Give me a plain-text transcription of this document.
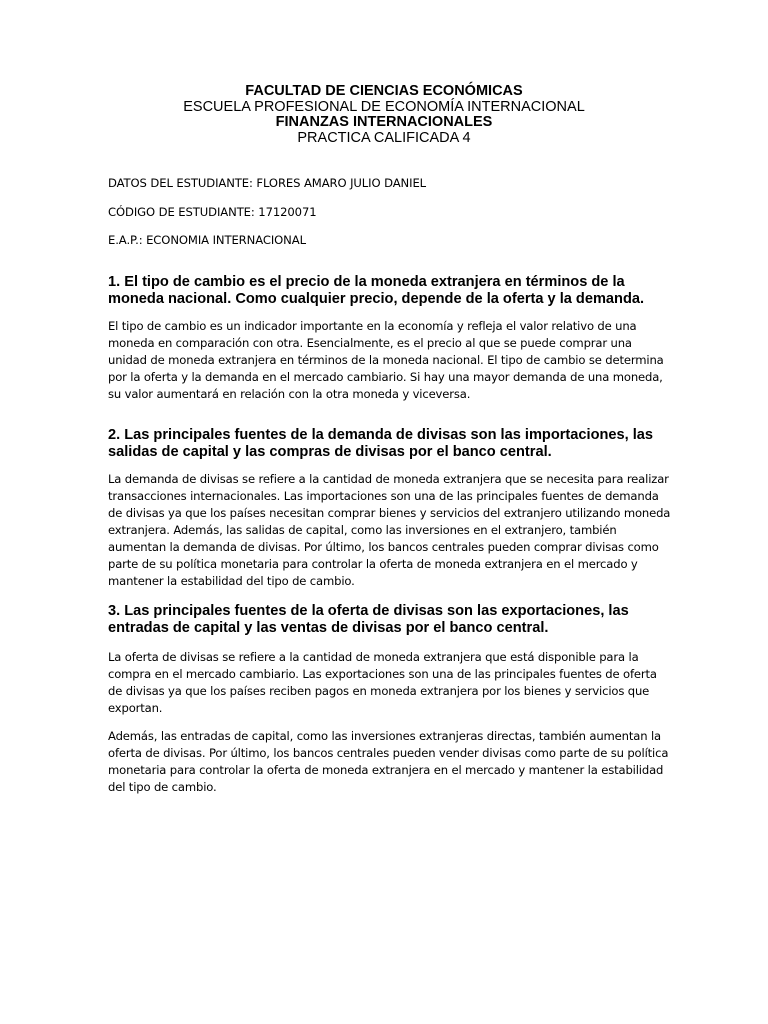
FACULTAD DE CIENCIAS ECONÓMICAS
ESCUELA PROFESIONAL DE ECONOMÍA INTERNACIONAL
FINANZAS INTERNACIONALES
PRACTICA CALIFICADA 4

DATOS DEL ESTUDIANTE: FLORES AMARO JULIO DANIEL

CÓDIGO DE ESTUDIANTE: 17120071

E.A.P.: ECONOMIA INTERNACIONAL

1. El tipo de cambio es el precio de la moneda extranjera en términos de la moneda nacional. Como cualquier precio, depende de la oferta y la demanda.

El tipo de cambio es un indicador importante en la economía y refleja el valor relativo de una moneda en comparación con otra. Esencialmente, es el precio al que se puede comprar una unidad de moneda extranjera en términos de la moneda nacional. El tipo de cambio se determina por la oferta y la demanda en el mercado cambiario. Si hay una mayor demanda de una moneda, su valor aumentará en relación con la otra moneda y viceversa.

2. Las principales fuentes de la demanda de divisas son las importaciones, las salidas de capital y las compras de divisas por el banco central.

La demanda de divisas se refiere a la cantidad de moneda extranjera que se necesita para realizar transacciones internacionales. Las importaciones son una de las principales fuentes de demanda de divisas ya que los países necesitan comprar bienes y servicios del extranjero utilizando moneda extranjera. Además, las salidas de capital, como las inversiones en el extranjero, también aumentan la demanda de divisas. Por último, los bancos centrales pueden comprar divisas como parte de su política monetaria para controlar la oferta de moneda extranjera en el mercado y mantener la estabilidad del tipo de cambio.

3. Las principales fuentes de la oferta de divisas son las exportaciones, las entradas de capital y las ventas de divisas por el banco central.

La oferta de divisas se refiere a la cantidad de moneda extranjera que está disponible para la compra en el mercado cambiario. Las exportaciones son una de las principales fuentes de oferta de divisas ya que los países reciben pagos en moneda extranjera por los bienes y servicios que exportan.

Además, las entradas de capital, como las inversiones extranjeras directas, también aumentan la oferta de divisas. Por último, los bancos centrales pueden vender divisas como parte de su política monetaria para controlar la oferta de moneda extranjera en el mercado y mantener la estabilidad del tipo de cambio.
